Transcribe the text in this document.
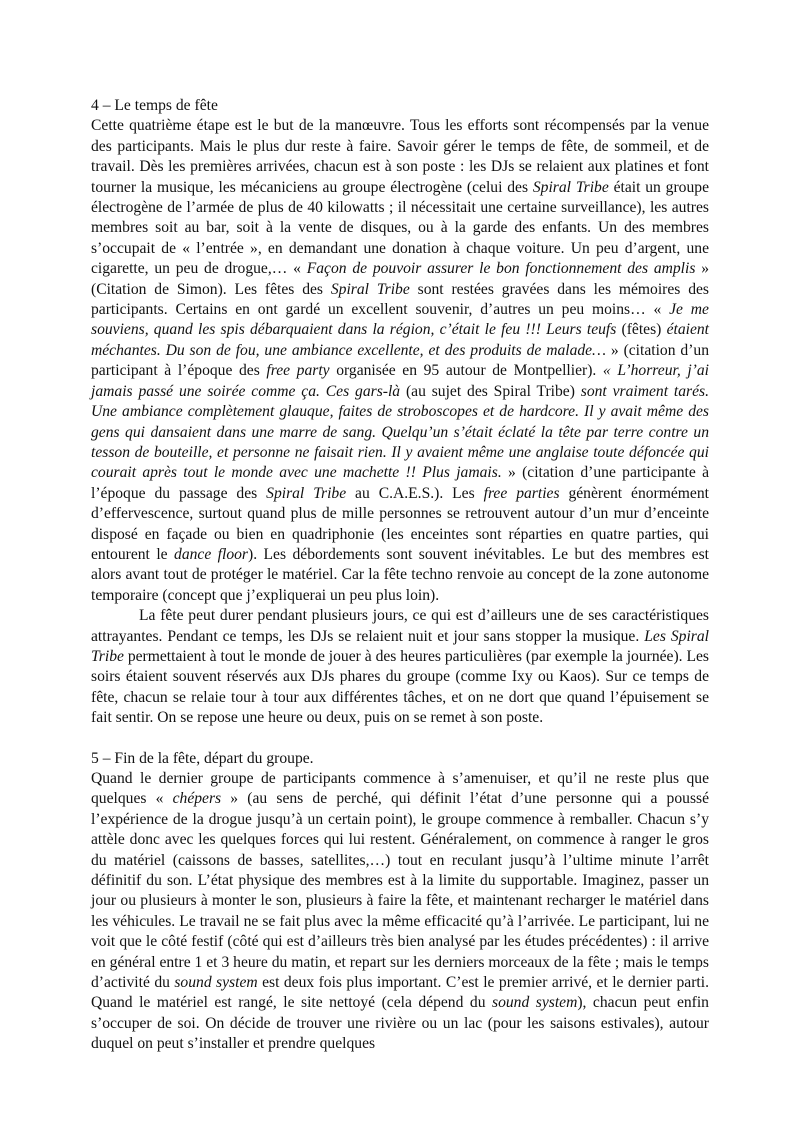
4 – Le temps de fête

Cette quatrième étape est le but de la manœuvre. Tous les efforts sont récompensés par la venue des participants. Mais le plus dur reste à faire. Savoir gérer le temps de fête, de sommeil, et de travail. Dès les premières arrivées, chacun est à son poste : les DJs se relaient aux platines et font tourner la musique, les mécaniciens au groupe électrogène (celui des Spiral Tribe était un groupe électrogène de l’armée de plus de 40 kilowatts ; il nécessitait une certaine surveillance), les autres membres soit au bar, soit à la vente de disques, ou à la garde des enfants. Un des membres s’occupait de « l’entrée », en demandant une donation à chaque voiture. Un peu d’argent, une cigarette, un peu de drogue,… « Façon de pouvoir assurer le bon fonctionnement des amplis » (Citation de Simon). Les fêtes des Spiral Tribe sont restées gravées dans les mémoires des participants. Certains en ont gardé un excellent souvenir, d’autres un peu moins… « Je me souviens, quand les spis débarquaient dans la région, c’était le feu !!! Leurs teufs (fêtes) étaient méchantes. Du son de fou, une ambiance excellente, et des produits de malade… » (citation d’un participant à l’époque des free party organisée en 95 autour de Montpellier). « L’horreur, j’ai jamais passé une soirée comme ça. Ces gars-là (au sujet des Spiral Tribe) sont vraiment tarés. Une ambiance complètement glauque, faites de stroboscopes et de hardcore. Il y avait même des gens qui dansaient dans une marre de sang. Quelqu’un s’était éclaté la tête par terre contre un tesson de bouteille, et personne ne faisait rien. Il y avaient même une anglaise toute défoncée qui courait après tout le monde avec une machette !! Plus jamais. » (citation d’une participante à l’époque du passage des Spiral Tribe au C.A.E.S.). Les free parties génèrent énormément d’effervescence, surtout quand plus de mille personnes se retrouvent autour d’un mur d’enceinte disposé en façade ou bien en quadriphonie (les enceintes sont réparties en quatre parties, qui entourent le dance floor). Les débordements sont souvent inévitables. Le but des membres est alors avant tout de protéger le matériel. Car la fête techno renvoie au concept de la zone autonome temporaire (concept que j’expliquerai un peu plus loin).

La fête peut durer pendant plusieurs jours, ce qui est d’ailleurs une de ses caractéristiques attrayantes. Pendant ce temps, les DJs se relaient nuit et jour sans stopper la musique. Les Spiral Tribe permettaient à tout le monde de jouer à des heures particulières (par exemple la journée). Les soirs étaient souvent réservés aux DJs phares du groupe (comme Ixy ou Kaos). Sur ce temps de fête, chacun se relaie tour à tour aux différentes tâches, et on ne dort que quand l’épuisement se fait sentir. On se repose une heure ou deux, puis on se remet à son poste.

5 – Fin de la fête, départ du groupe.

Quand le dernier groupe de participants commence à s’amenuiser, et qu’il ne reste plus que quelques « chépers » (au sens de perché, qui définit l’état d’une personne qui a poussé l’expérience de la drogue jusqu’à un certain point), le groupe commence à remballer. Chacun s’y attèle donc avec les quelques forces qui lui restent. Généralement, on commence à ranger le gros du matériel (caissons de basses, satellites,…) tout en reculant jusqu’à l’ultime minute l’arrêt définitif du son. L’état physique des membres est à la limite du supportable. Imaginez, passer un jour ou plusieurs à monter le son, plusieurs à faire la fête, et maintenant recharger le matériel dans les véhicules. Le travail ne se fait plus avec la même efficacité qu’à l’arrivée. Le participant, lui ne voit que le côté festif (côté qui est d’ailleurs très bien analysé par les études précédentes) : il arrive en général entre 1 et 3 heure du matin, et repart sur les derniers morceaux de la fête ; mais le temps d’activité du sound system est deux fois plus important. C’est le premier arrivé, et le dernier parti. Quand le matériel est rangé, le site nettoyé (cela dépend du sound system), chacun peut enfin s’occuper de soi. On décide de trouver une rivière ou un lac (pour les saisons estivales), autour duquel on peut s’installer et prendre quelques
